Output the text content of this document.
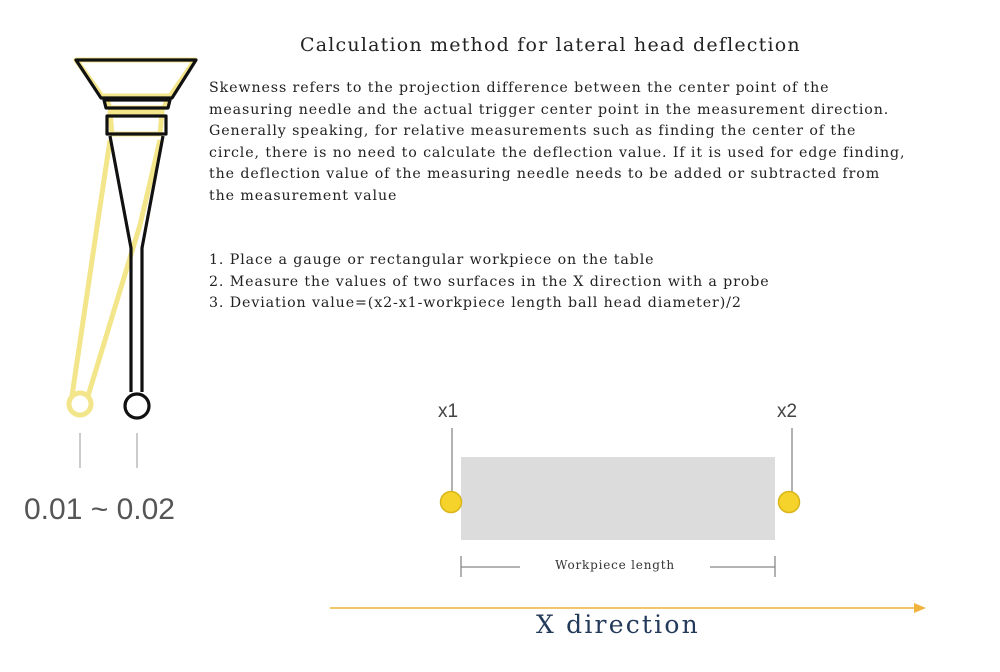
Calculation method for lateral head deflection
Skewness refers to the projection difference between the center point of the
measuring needle and the actual trigger center point in the measurement direction.
Generally speaking, for relative measurements such as finding the center of the
circle, there is no need to calculate the deflection value. If it is used for edge finding,
the deflection value of the measuring needle needs to be added or subtracted from
the measurement value
1. Place a gauge or rectangular workpiece on the table
2. Measure the values of two surfaces in the X direction with a probe
3. Deviation value=(x2-x1-workpiece length ball head diameter)/2
0.01 ~ 0.02
x1	x2
Workpiece length
X direction
